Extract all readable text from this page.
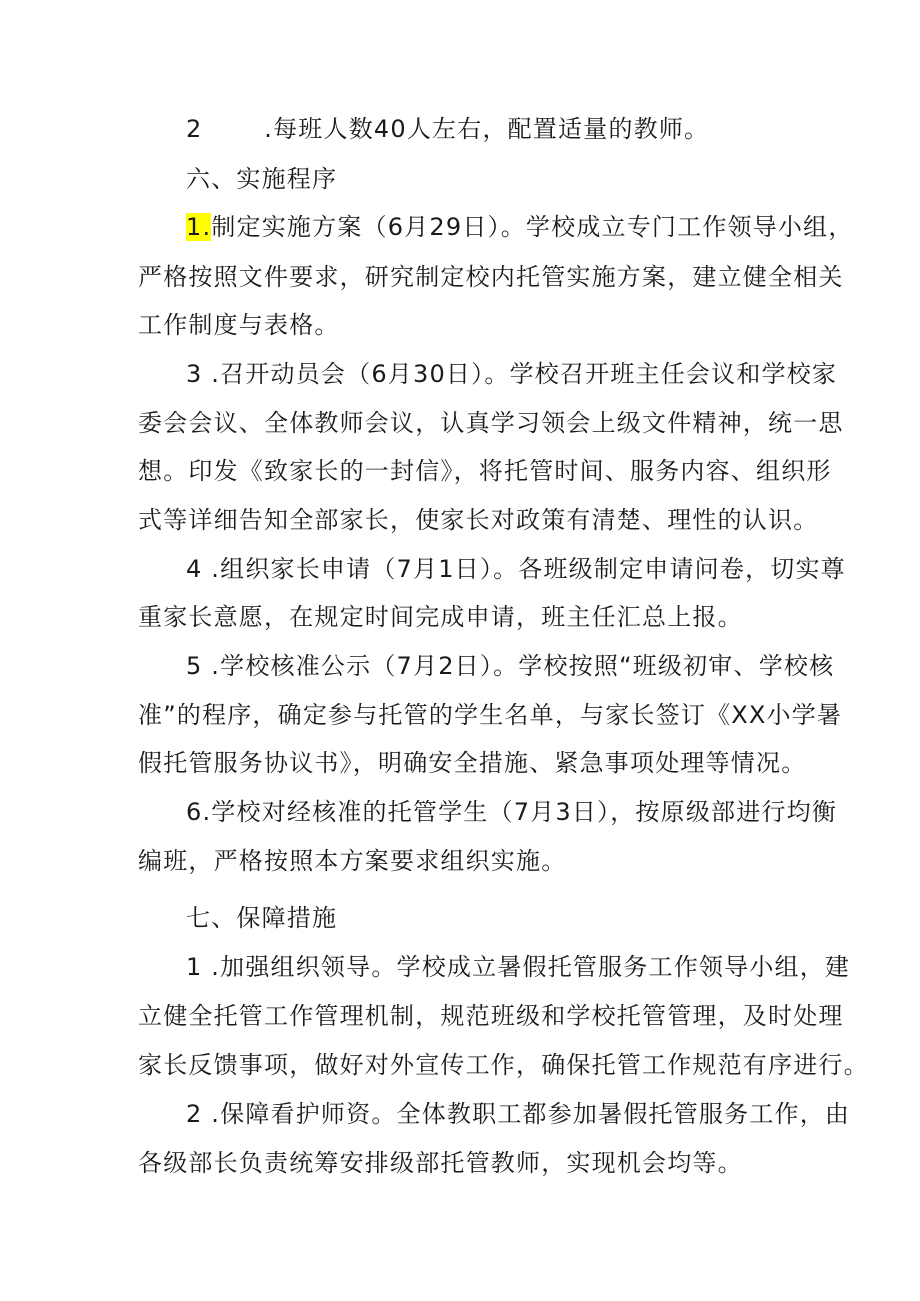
2       .每班人数40人左右，配置适量的教师。
六、实施程序
1.制定实施方案（6月29日）。学校成立专门工作领导小组，
严格按照文件要求，研究制定校内托管实施方案，建立健全相关
工作制度与表格。
3 .召开动员会（6月30日）。学校召开班主任会议和学校家
委会会议、全体教师会议，认真学习领会上级文件精神，统一思
想。印发《致家长的一封信》，将托管时间、服务内容、组织形
式等详细告知全部家长，使家长对政策有清楚、理性的认识。
4 .组织家长申请（7月1日）。各班级制定申请问卷，切实尊
重家长意愿，在规定时间完成申请，班主任汇总上报。
5 .学校核准公示（7月2日）。学校按照“班级初审、学校核
准”的程序，确定参与托管的学生名单，与家长签订《XX小学暑
假托管服务协议书》，明确安全措施、紧急事项处理等情况。
6.学校对经核准的托管学生（7月3日），按原级部进行均衡
编班，严格按照本方案要求组织实施。
七、保障措施
1 .加强组织领导。学校成立暑假托管服务工作领导小组，建
立健全托管工作管理机制，规范班级和学校托管管理，及时处理
家长反馈事项，做好对外宣传工作，确保托管工作规范有序进行。
2 .保障看护师资。全体教职工都参加暑假托管服务工作，由
各级部长负责统筹安排级部托管教师，实现机会均等。
